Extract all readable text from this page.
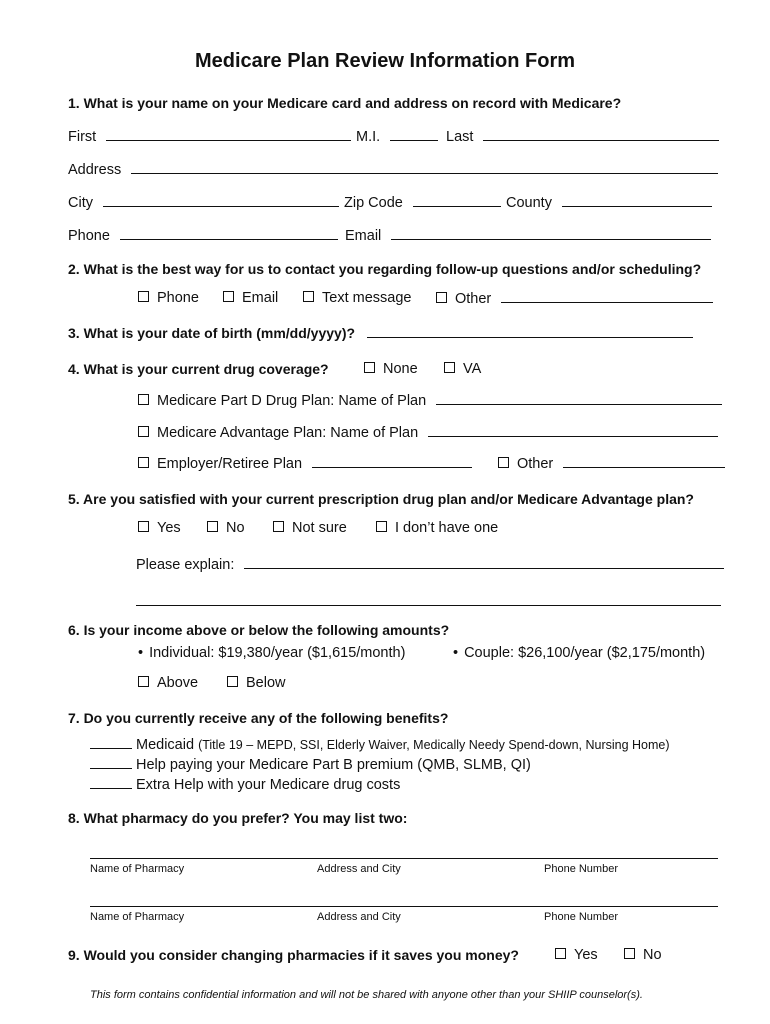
Medicare Plan Review Information Form
1. What is your name on your Medicare card and address on record with Medicare?
First	M.I.	Last
Address
City	Zip Code	County
Phone	Email
2. What is the best way for us to contact you regarding follow-up questions and/or scheduling?
Phone	Email	Text message	Other
3. What is your date of birth (mm/dd/yyyy)?
4. What is your current drug coverage?	None	VA
Medicare Part D Drug Plan: Name of Plan
Medicare Advantage Plan: Name of Plan
Employer/Retiree Plan	Other
5. Are you satisfied with your current prescription drug plan and/or Medicare Advantage plan?
Yes	No	Not sure	I don’t have one
Please explain:
6. Is your income above or below the following amounts?
• Individual: $19,380/year ($1,615/month)	• Couple: $26,100/year ($2,175/month)
Above	Below
7. Do you currently receive any of the following benefits?
Medicaid (Title 19 – MEPD, SSI, Elderly Waiver, Medically Needy Spend-down, Nursing Home)
Help paying your Medicare Part B premium (QMB, SLMB, QI)
Extra Help with your Medicare drug costs
8. What pharmacy do you prefer? You may list two:
Name of Pharmacy	Address and City	Phone Number
Name of Pharmacy	Address and City	Phone Number
9. Would you consider changing pharmacies if it saves you money?	Yes	No
This form contains confidential information and will not be shared with anyone other than your SHIIP counselor(s).
